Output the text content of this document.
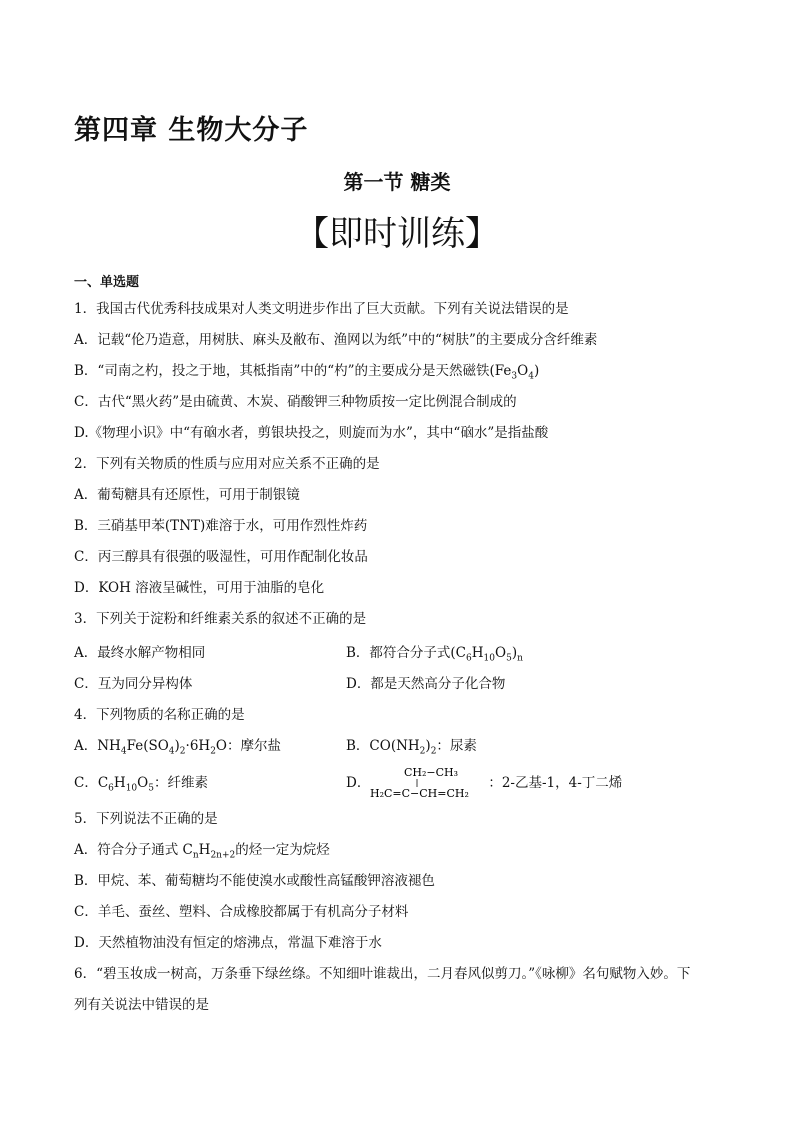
第四章 生物大分子
第一节 糖类
【即时训练】
一、单选题
1．我国古代优秀科技成果对人类文明进步作出了巨大贡献。下列有关说法错误的是
A．记载“伦乃造意，用树肤、麻头及敝布、渔网以为纸”中的“树肤”的主要成分含纤维素
B．“司南之杓，投之于地，其柢指南”中的“杓”的主要成分是天然磁铁$(Fe_3O_4)$
C．古代“黑火药”是由硫黄、木炭、硝酸钾三种物质按一定比例混合制成的
D.《物理小识》中“有硇水者，剪银块投之，则旋而为水”，其中“硇水”是指盐酸
2．下列有关物质的性质与应用对应关系不正确的是
A．葡萄糖具有还原性，可用于制银镜
B．三硝基甲苯(TNT)难溶于水，可用作烈性炸药
C．丙三醇具有很强的吸湿性，可用作配制化妆品
D．KOH 溶液呈碱性，可用于油脂的皂化
3．下列关于淀粉和纤维素关系的叙述不正确的是
A．最终水解产物相同	B．都符合分子式$(C_6H_{10}O_5)_n$
C．互为同分异构体	D．都是天然高分子化合物
4．下列物质的名称正确的是
A．$NH_4Fe(SO_4)_2\cdot 6H_2O$：摩尔盐	B．$CO(NH_2)_2$：尿素
C．$C_6H_{10}O_5$：纤维素	D．
CH₂−CH₃
H₂C=C−CH=CH₂
：2-乙基-1，4-丁二烯
5．下列说法不正确的是
A．符合分子通式 $C_nH_{2n+2}$的烃一定为烷烃
B．甲烷、苯、葡萄糖均不能使溴水或酸性高锰酸钾溶液褪色
C．羊毛、蚕丝、塑料、合成橡胶都属于有机高分子材料
D．天然植物油没有恒定的熔沸点，常温下难溶于水
6．“碧玉妆成一树高，万条垂下绿丝绦。不知细叶谁裁出，二月春风似剪刀。”《咏柳》名句赋物入妙。下
列有关说法中错误的是
